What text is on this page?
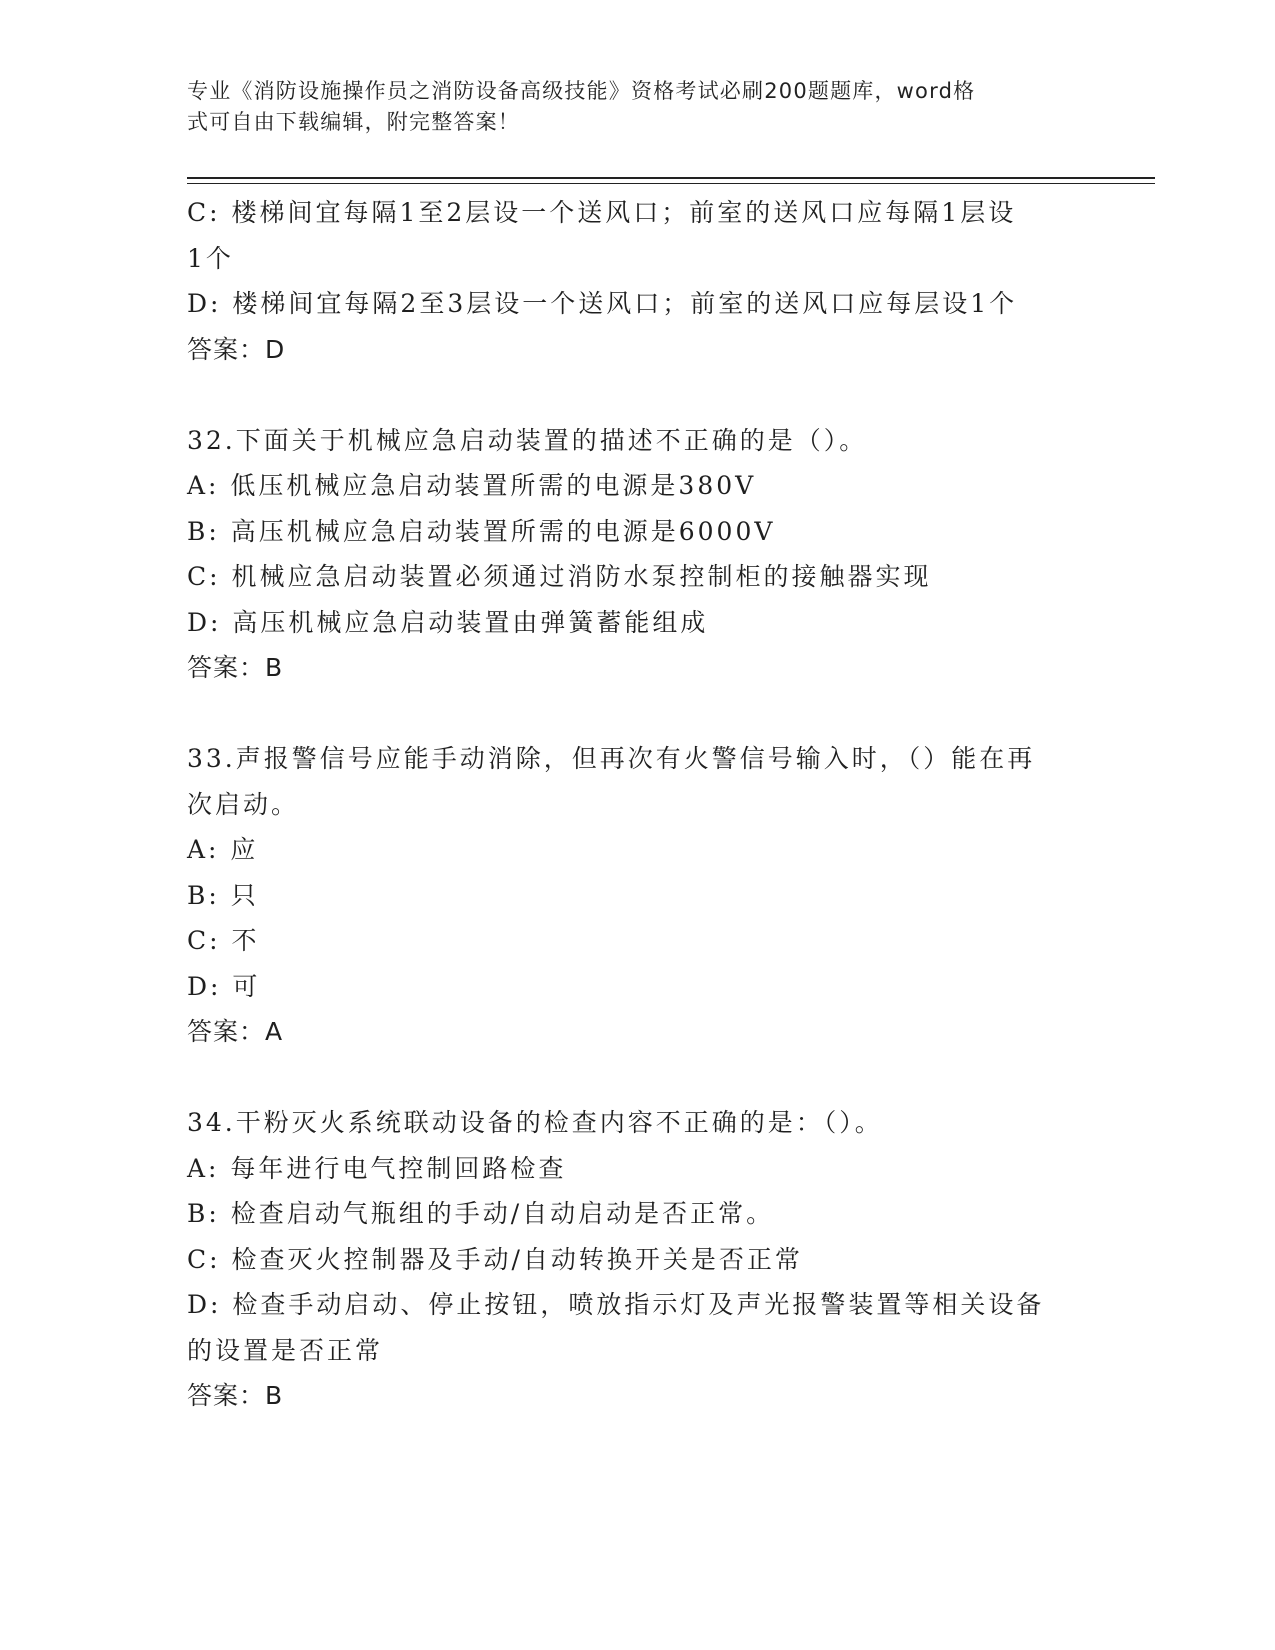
专业《消防设施操作员之消防设备高级技能》资格考试必刷200题题库，word格
式可自由下载编辑，附完整答案！
C: 楼梯间宜每隔1至2层设一个送风口；前室的送风口应每隔1层设
1个
D: 楼梯间宜每隔2至3层设一个送风口；前室的送风口应每层设1个
答案：D
32.下面关于机械应急启动装置的描述不正确的是（）。
A: 低压机械应急启动装置所需的电源是380V
B: 高压机械应急启动装置所需的电源是6000V
C: 机械应急启动装置必须通过消防水泵控制柜的接触器实现
D: 高压机械应急启动装置由弹簧蓄能组成
答案：B
33.声报警信号应能手动消除，但再次有火警信号输入时，（）能在再
次启动。
A: 应
B: 只
C: 不
D: 可
答案：A
34.干粉灭火系统联动设备的检查内容不正确的是：（）。
A: 每年进行电气控制回路检查
B: 检查启动气瓶组的手动/自动启动是否正常。
C: 检查灭火控制器及手动/自动转换开关是否正常
D: 检查手动启动、停止按钮，喷放指示灯及声光报警装置等相关设备
的设置是否正常
答案：B
